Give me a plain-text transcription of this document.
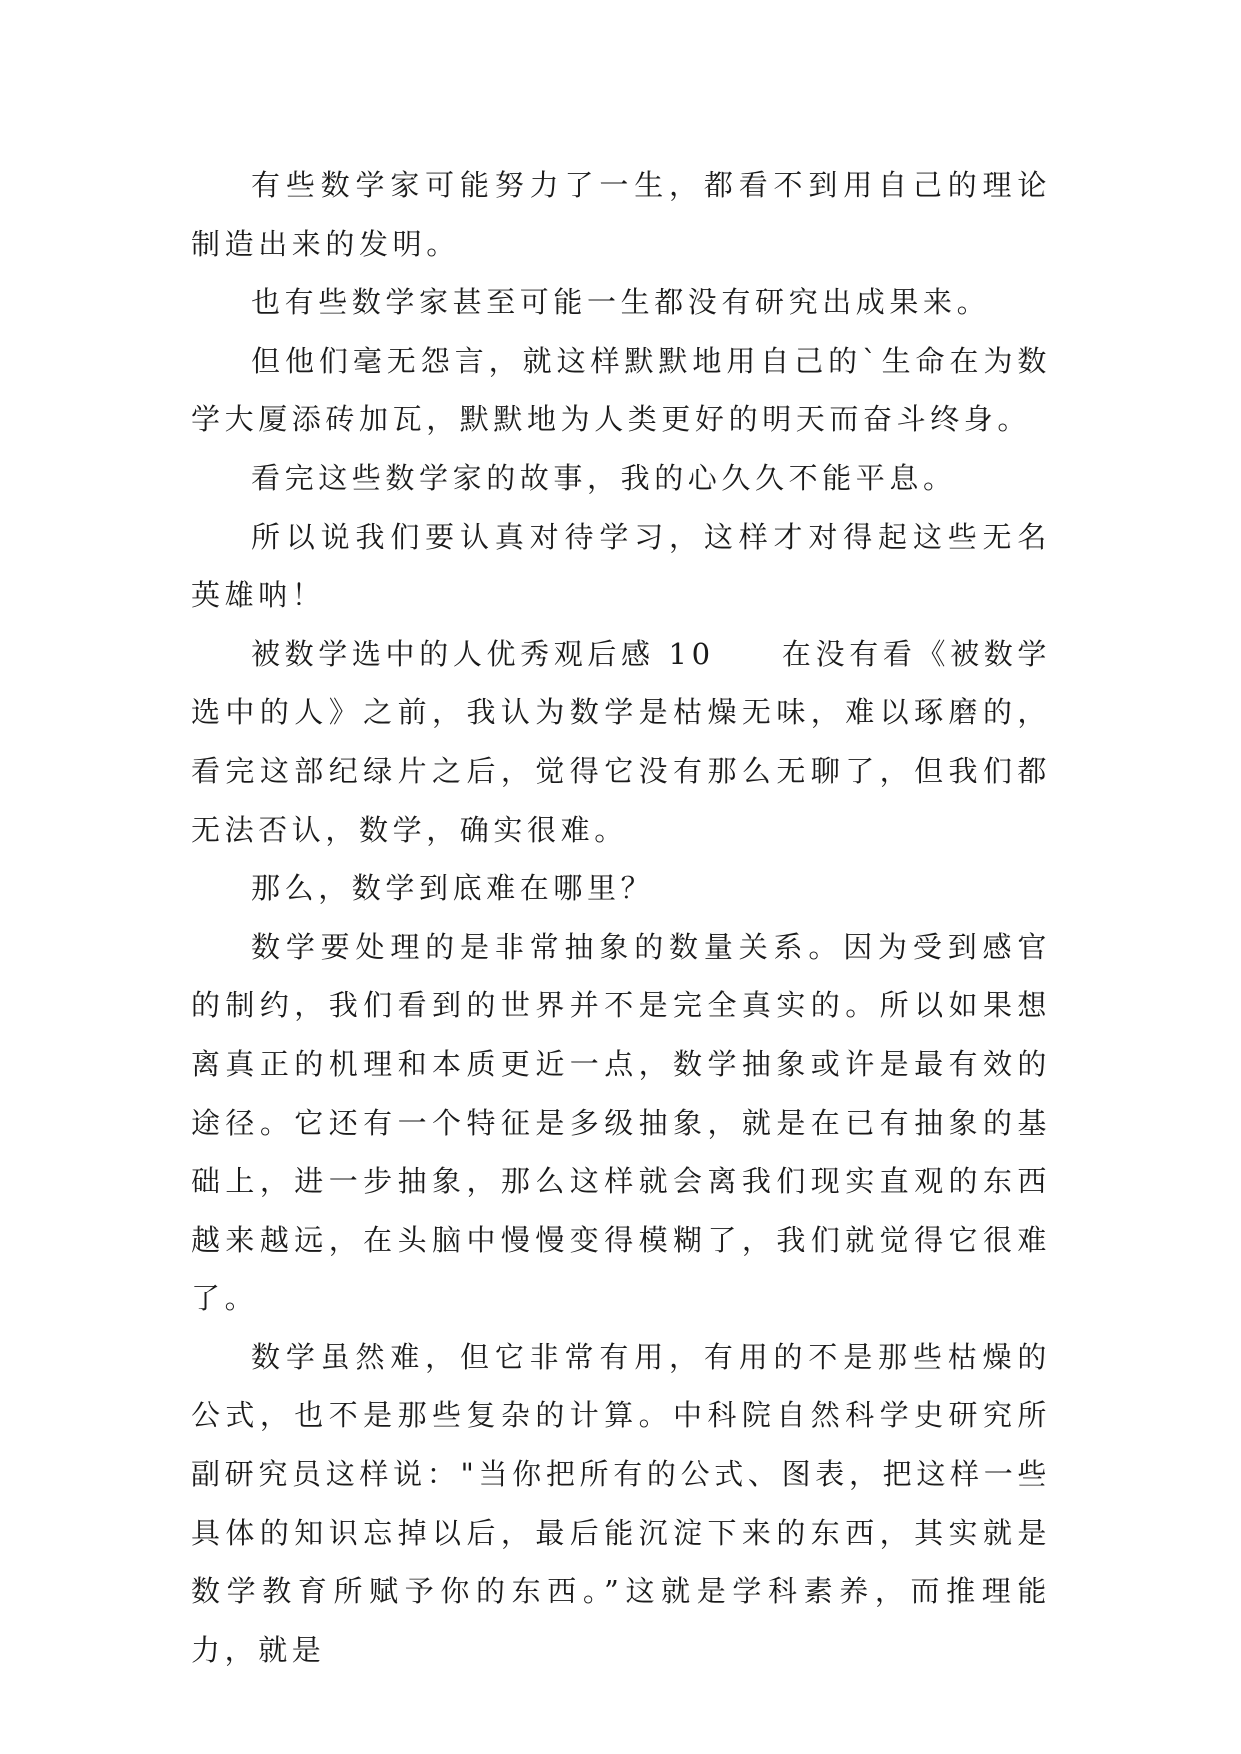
有些数学家可能努力了一生，都看不到用自己的理论制造出来的发明。

也有些数学家甚至可能一生都没有研究出成果来。

但他们毫无怨言，就这样默默地用自己的`生命在为数学大厦添砖加瓦，默默地为人类更好的明天而奋斗终身。

看完这些数学家的故事，我的心久久不能平息。

所以说我们要认真对待学习，这样才对得起这些无名英雄呐！

被数学选中的人优秀观后感 10　　在没有看《被数学选中的人》之前，我认为数学是枯燥无味，难以琢磨的，看完这部纪绿片之后，觉得它没有那么无聊了，但我们都无法否认，数学，确实很难。

那么，数学到底难在哪里？

数学要处理的是非常抽象的数量关系。因为受到感官的制约，我们看到的世界并不是完全真实的。所以如果想离真正的机理和本质更近一点，数学抽象或许是最有效的途径。它还有一个特征是多级抽象，就是在已有抽象的基础上，进一步抽象，那么这样就会离我们现实直观的东西越来越远，在头脑中慢慢变得模糊了，我们就觉得它很难了。

数学虽然难，但它非常有用，有用的不是那些枯燥的公式，也不是那些复杂的计算。中科院自然科学史研究所副研究员这样说："当你把所有的公式、图表，把这样一些具体的知识忘掉以后，最后能沉淀下来的东西，其实就是数学教育所赋予你的东西。”这就是学科素养，而推理能力，就是
